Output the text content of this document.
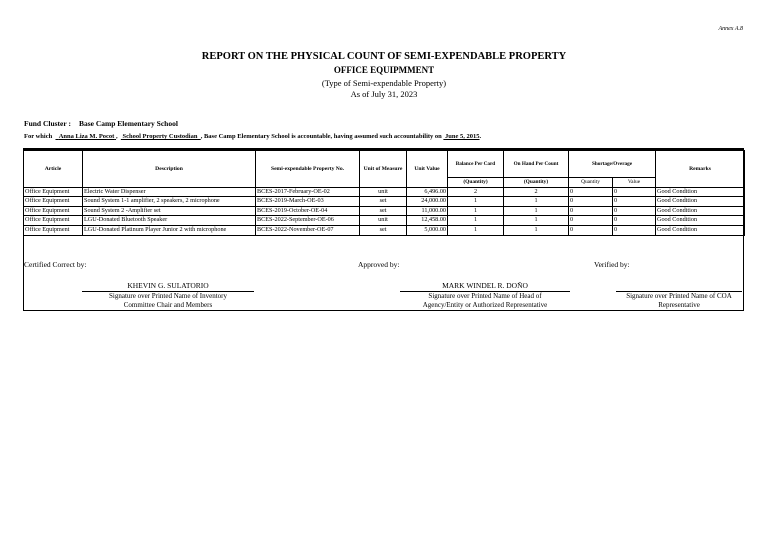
Annex A.8
REPORT ON THE PHYSICAL COUNT OF SEMI-EXPENDABLE PROPERTY
OFFICE EQUIPMMENT
(Type of Semi-expendable Property)
As of July 31, 2023
Fund Cluster : Base Camp Elementary School
For which Anna Liza M. Pocot , School Property Custodian , Base Camp Elementary School is accountable, having assumed such accountability on June 5, 2015.
Article	Description	Semi-expendable Property No.	Unit of Measure	Unit Value	Balance Per Card	On Hand Per Count	Shortage/Overage		Remarks
					(Quantity)	(Quantity)	Quantity	Value	
Office Equipment	Electric Water Dispenser	BCES-2017-February-OE-02	unit	6,496.00	2	2	0	0	Good Condition
Office Equipment	Sound System 1-1 amplifier, 2 speakers, 2 microphone	BCES-2019-March-OE-03	set	24,000.00	1	1	0	0	Good Condition
Office Equipment	Sound System 2 -Amplifier set	BCES-2019-October-OE-04	set	11,000.00	1	1	0	0	Good Condition
Office Equipment	LGU-Donated Bluetooth Speaker	BCES-2022-September-OE-06	unit	12,458.00	1	1	0	0	Good Condition
Office Equipment	LGU-Donated Platinum Player Junior 2 with microphone	BCES-2022-November-OE-07	set	5,000.00	1	1	0	0	Good Condition
Certified Correct by:	Approved by:	Verified by:
KHEVIN G. SULATORIO
Signature over Printed Name of Inventory
Committee Chair and Members
MARK WINDEL R. DOÑO
Signature over Printed Name of Head of
Agency/Entity or Authorized Representative
Signature over Printed Name of COA
Representative
